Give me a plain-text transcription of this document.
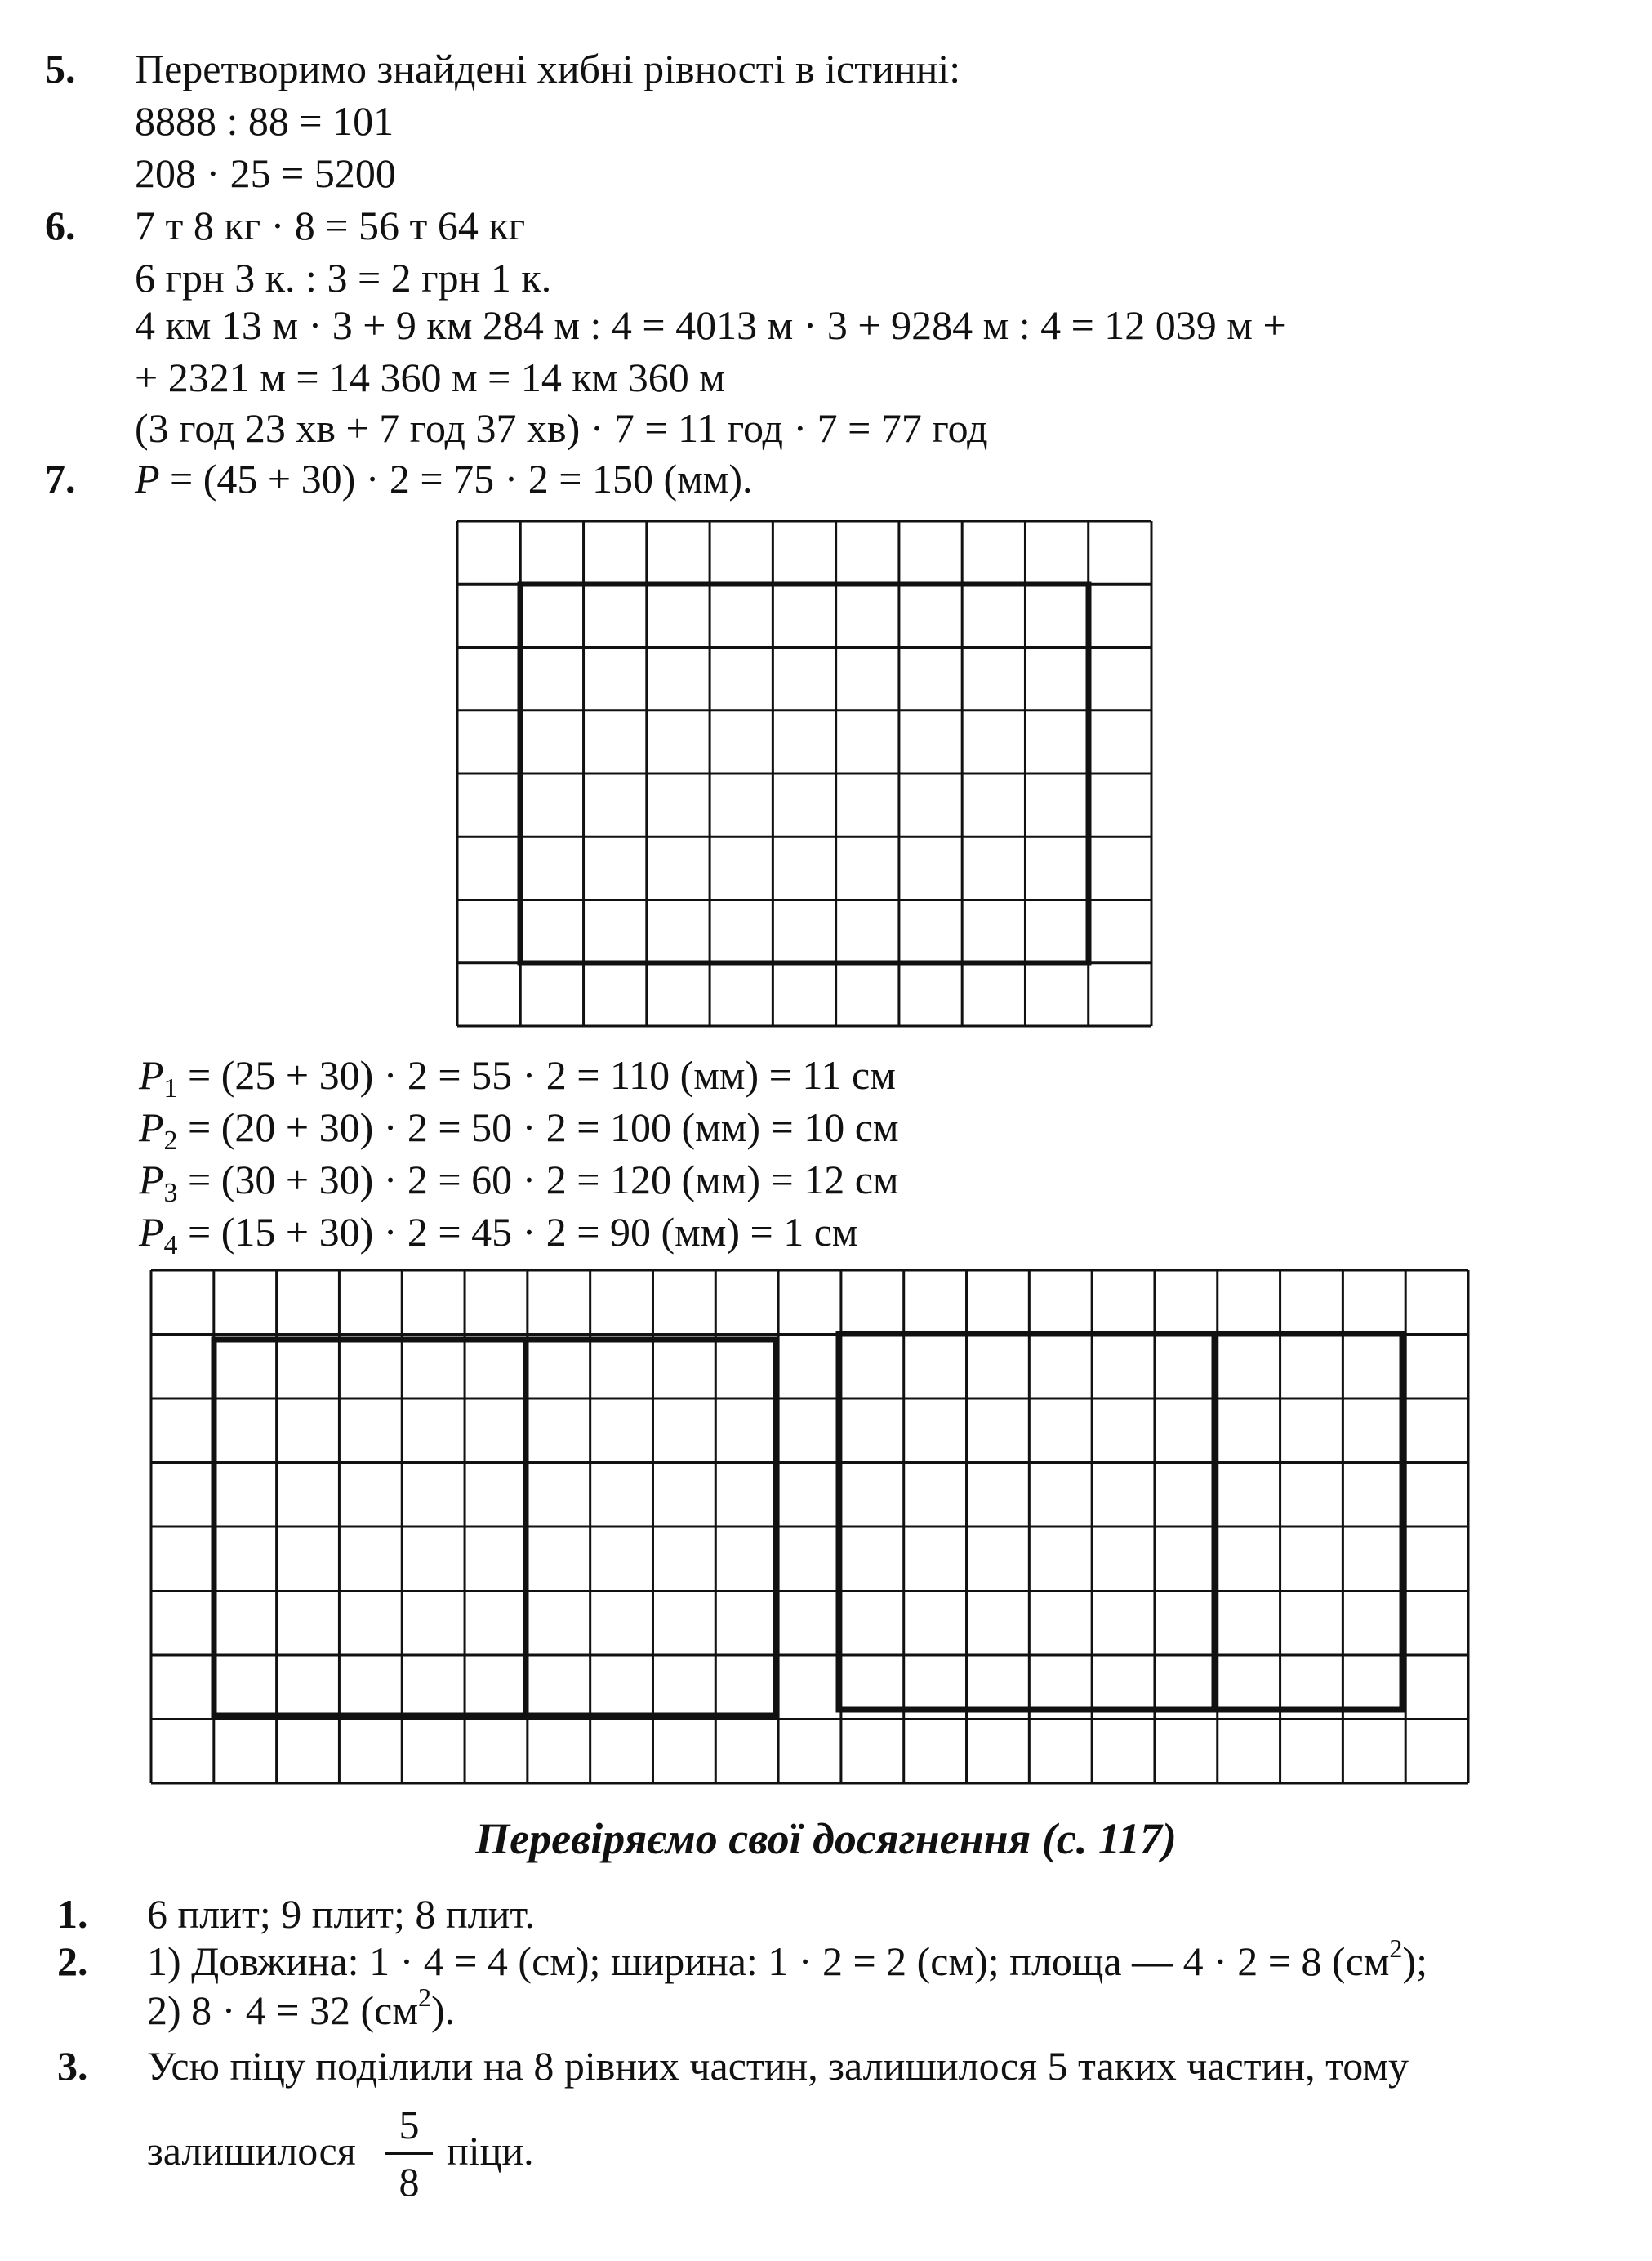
5. Перетворимо знайдені хибні рівності в істинні:
8888 : 88 = 101
208 · 25 = 5200
6. 7 т 8 кг · 8 = 56 т 64 кг
6 грн 3 к. : 3 = 2 грн 1 к.
4 км 13 м · 3 + 9 км 284 м : 4 = 4013 м · 3 + 9284 м : 4 = 12 039 м +
+ 2321 м = 14 360 м = 14 км 360 м
(3 год 23 хв + 7 год 37 хв) · 7 = 11 год · 7 = 77 год
7. P = (45 + 30) · 2 = 75 · 2 = 150 (мм).
$P_1 = (25 + 30) \cdot 2 = 55 \cdot 2 = 110$ (мм) = 11 см
$P_2 = (20 + 30) \cdot 2 = 50 \cdot 2 = 100$ (мм) = 10 см
$P_3 = (30 + 30) \cdot 2 = 60 \cdot 2 = 120$ (мм) = 12 см
$P_4 = (15 + 30) \cdot 2 = 45 \cdot 2 = 90$ (мм) = 1 см
Перевіряємо свої досягнення (с. 117)
1. 6 плит; 9 плит; 8 плит.
2. 1) Довжина: 1 · 4 = 4 (см); ширина: 1 · 2 = 2 (см); площа — 4 · 2 = 8 $(см^2)$;
2) 8 · 4 = 32 $(см^2)$.
3. Усю піцу поділили на 8 рівних частин, залишилося 5 таких частин, тому
залишилося
5
8
піци.
